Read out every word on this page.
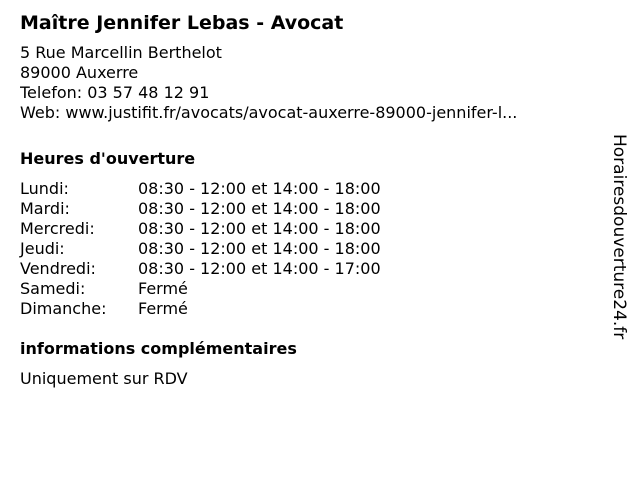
Maître Jennifer Lebas - Avocat
5 Rue Marcellin Berthelot
89000 Auxerre
Telefon: 03 57 48 12 91
Web: www.justifit.fr/avocats/avocat-auxerre-89000-jennifer-l...
Heures d'ouverture
Lundi:	08:30 - 12:00 et 14:00 - 18:00
Mardi:	08:30 - 12:00 et 14:00 - 18:00
Mercredi:	08:30 - 12:00 et 14:00 - 18:00
Jeudi:	08:30 - 12:00 et 14:00 - 18:00
Vendredi:	08:30 - 12:00 et 14:00 - 17:00
Samedi:	Fermé
Dimanche:	Fermé
informations complémentaires
Uniquement sur RDV
Horairesdouverture24.fr
